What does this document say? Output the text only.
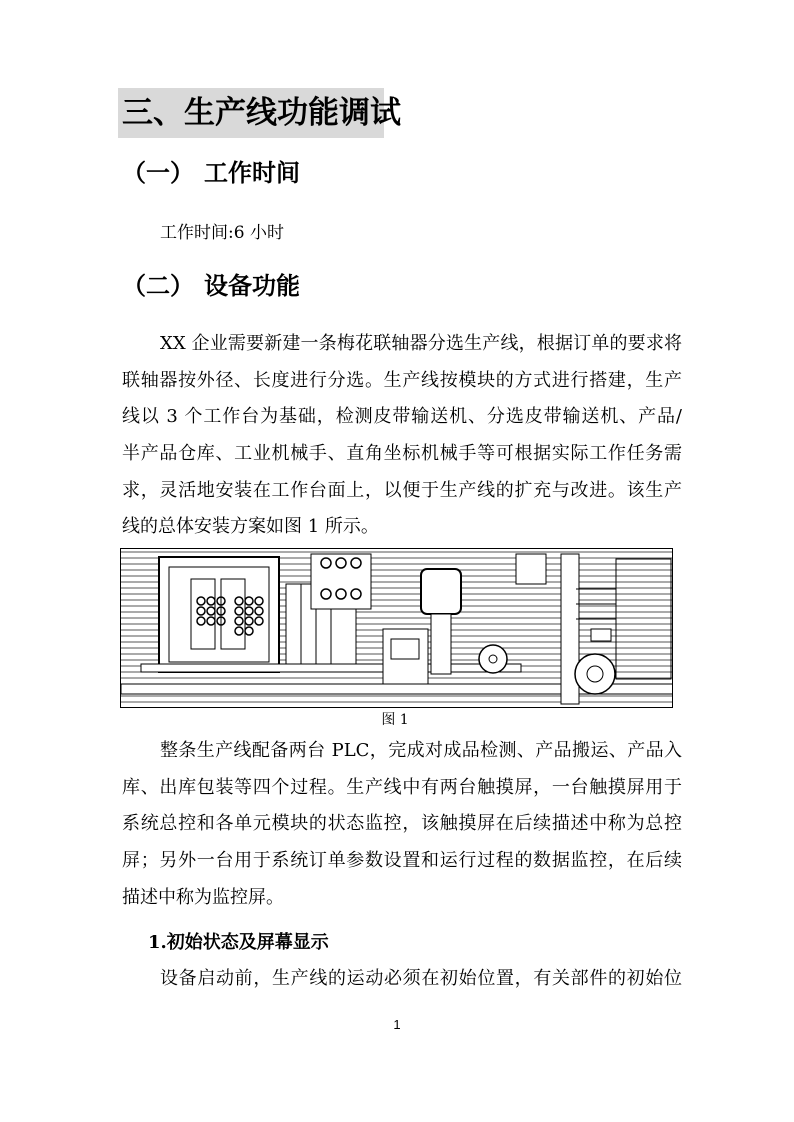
三、生产线功能调试
（一） 工作时间
工作时间:6 小时
（二） 设备功能
XX 企业需要新建一条梅花联轴器分选生产线，根据订单的要求将
联轴器按外径、长度进行分选。生产线按模块的方式进行搭建，生产
线以 3 个工作台为基础，检测皮带输送机、分选皮带输送机、产品/
半产品仓库、工业机械手、直角坐标机械手等可根据实际工作任务需
求，灵活地安装在工作台面上，以便于生产线的扩充与改进。该生产
线的总体安装方案如图 1 所示。
图 1
整条生产线配备两台 PLC，完成对成品检测、产品搬运、产品入
库、出库包装等四个过程。生产线中有两台触摸屏，一台触摸屏用于
系统总控和各单元模块的状态监控，该触摸屏在后续描述中称为总控
屏；另外一台用于系统订单参数设置和运行过程的数据监控，在后续
描述中称为监控屏。
1.初始状态及屏幕显示
设备启动前，生产线的运动必须在初始位置，有关部件的初始位
1
